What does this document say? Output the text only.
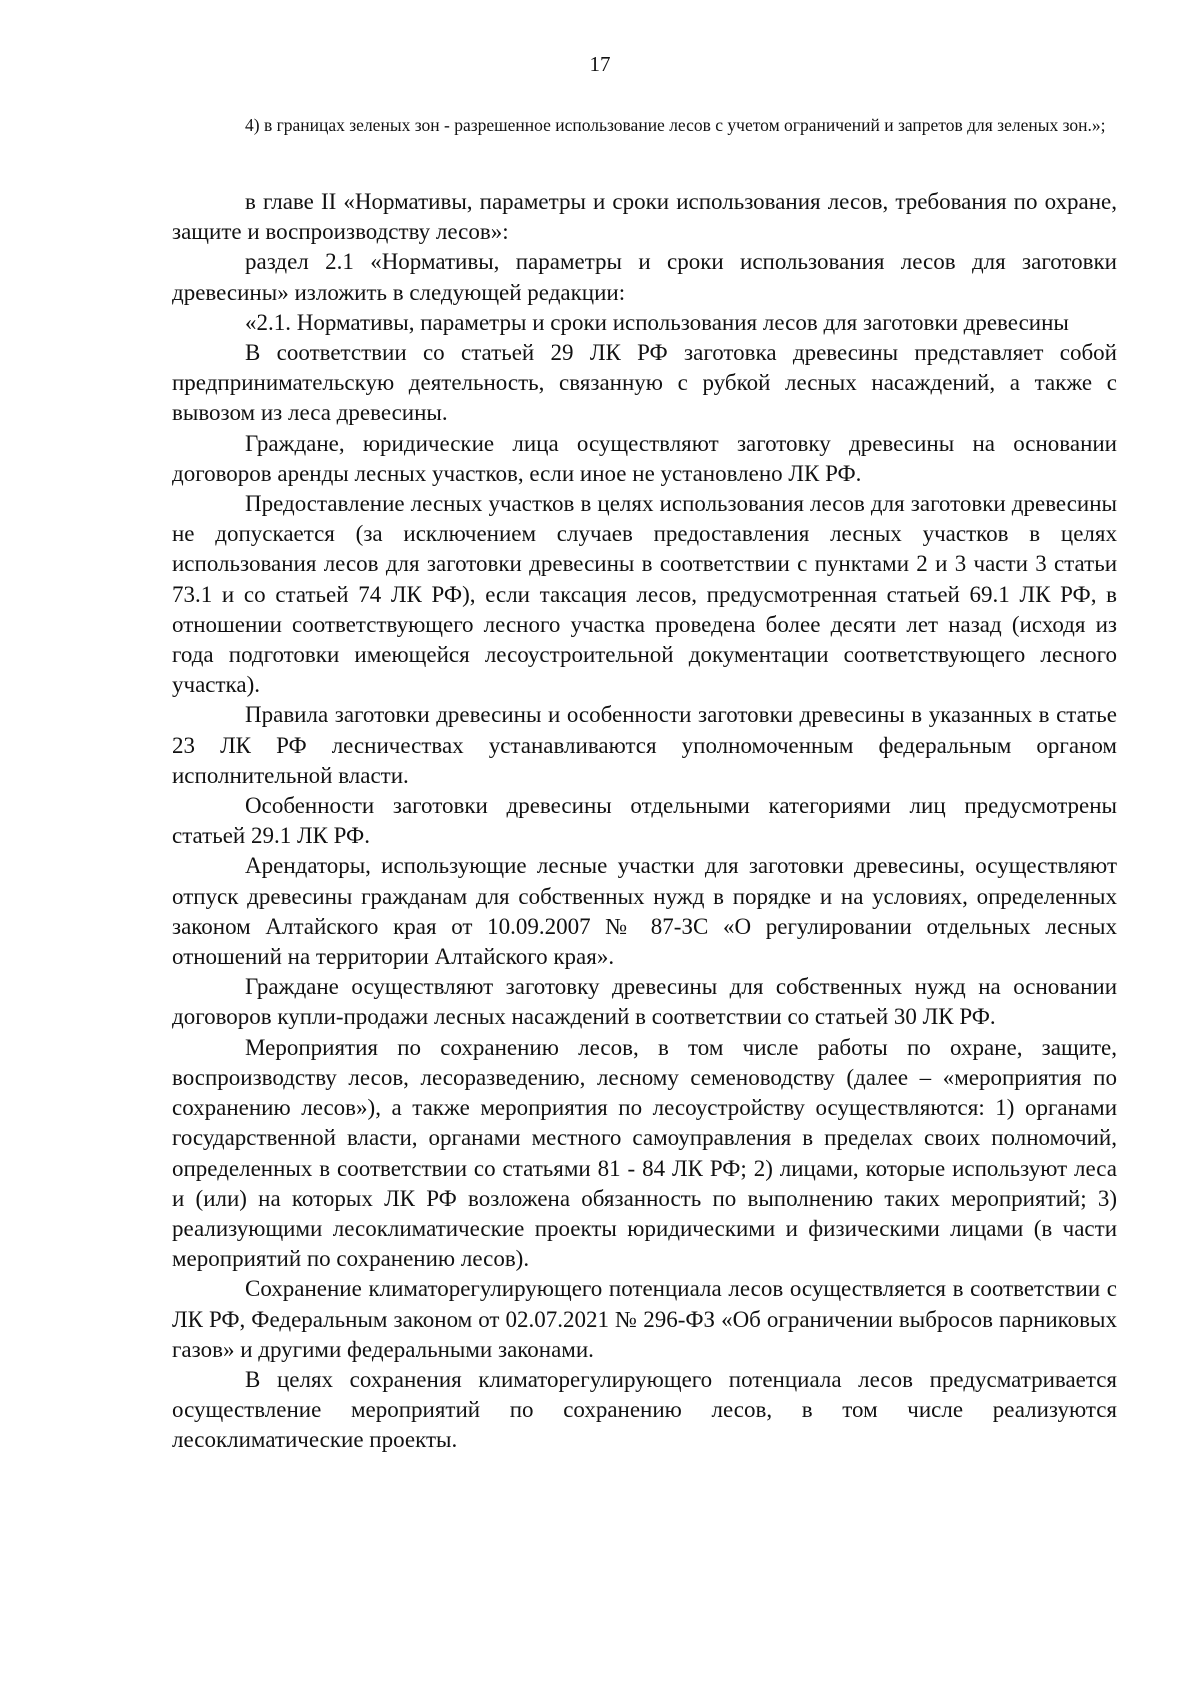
17
4) в границах зеленых зон - разрешенное использование лесов с учетом ограничений и запретов для зеленых зон.»;

в главе II «Нормативы, параметры и сроки использования лесов, требования по охране, защите и воспроизводству лесов»:

раздел 2.1 «Нормативы, параметры и сроки использования лесов для заготовки древесины» изложить в следующей редакции:

«2.1. Нормативы, параметры и сроки использования лесов для заготовки древесины

В соответствии со статьей 29 ЛК РФ заготовка древесины представляет собой предпринимательскую деятельность, связанную с рубкой лесных насаждений, а также с вывозом из леса древесины.

Граждане, юридические лица осуществляют заготовку древесины на основании договоров аренды лесных участков, если иное не установлено ЛК РФ.

Предоставление лесных участков в целях использования лесов для заготовки древесины не допускается (за исключением случаев предоставления лесных участков в целях использования лесов для заготовки древесины в соответствии с пунктами 2 и 3 части 3 статьи 73.1 и со статьей 74 ЛК РФ), если таксация лесов, предусмотренная статьей 69.1 ЛК РФ, в отношении соответствующего лесного участка проведена более десяти лет назад (исходя из года подготовки имеющейся лесоустроительной документации соответствующего лесного участка).

Правила заготовки древесины и особенности заготовки древесины в указанных в статье 23 ЛК РФ лесничествах устанавливаются уполномоченным федеральным органом исполнительной власти.

Особенности заготовки древесины отдельными категориями лиц предусмотрены статьей 29.1 ЛК РФ.

Арендаторы, использующие лесные участки для заготовки древесины, осуществляют отпуск древесины гражданам для собственных нужд в порядке и на условиях, определенных законом Алтайского края от 10.09.2007 № 87-ЗС «О регулировании отдельных лесных отношений на территории Алтайского края».

Граждане осуществляют заготовку древесины для собственных нужд на основании договоров купли-продажи лесных насаждений в соответствии со статьей 30 ЛК РФ.

Мероприятия по сохранению лесов, в том числе работы по охране, защите, воспроизводству лесов, лесоразведению, лесному семеноводству (далее – «мероприятия по сохранению лесов»), а также мероприятия по лесоустройству осуществляются: 1) органами государственной власти, органами местного самоуправления в пределах своих полномочий, определенных в соответствии со статьями 81 - 84 ЛК РФ; 2) лицами, которые используют леса и (или) на которых ЛК РФ возложена обязанность по выполнению таких мероприятий; 3) реализующими лесоклиматические проекты юридическими и физическими лицами (в части мероприятий по сохранению лесов).

Сохранение климаторегулирующего потенциала лесов осуществляется в соответствии с ЛК РФ, Федеральным законом от 02.07.2021 № 296-ФЗ «Об ограничении выбросов парниковых газов» и другими федеральными законами.

В целях сохранения климаторегулирующего потенциала лесов предусматривается осуществление мероприятий по сохранению лесов, в том числе реализуются лесоклиматические проекты.
